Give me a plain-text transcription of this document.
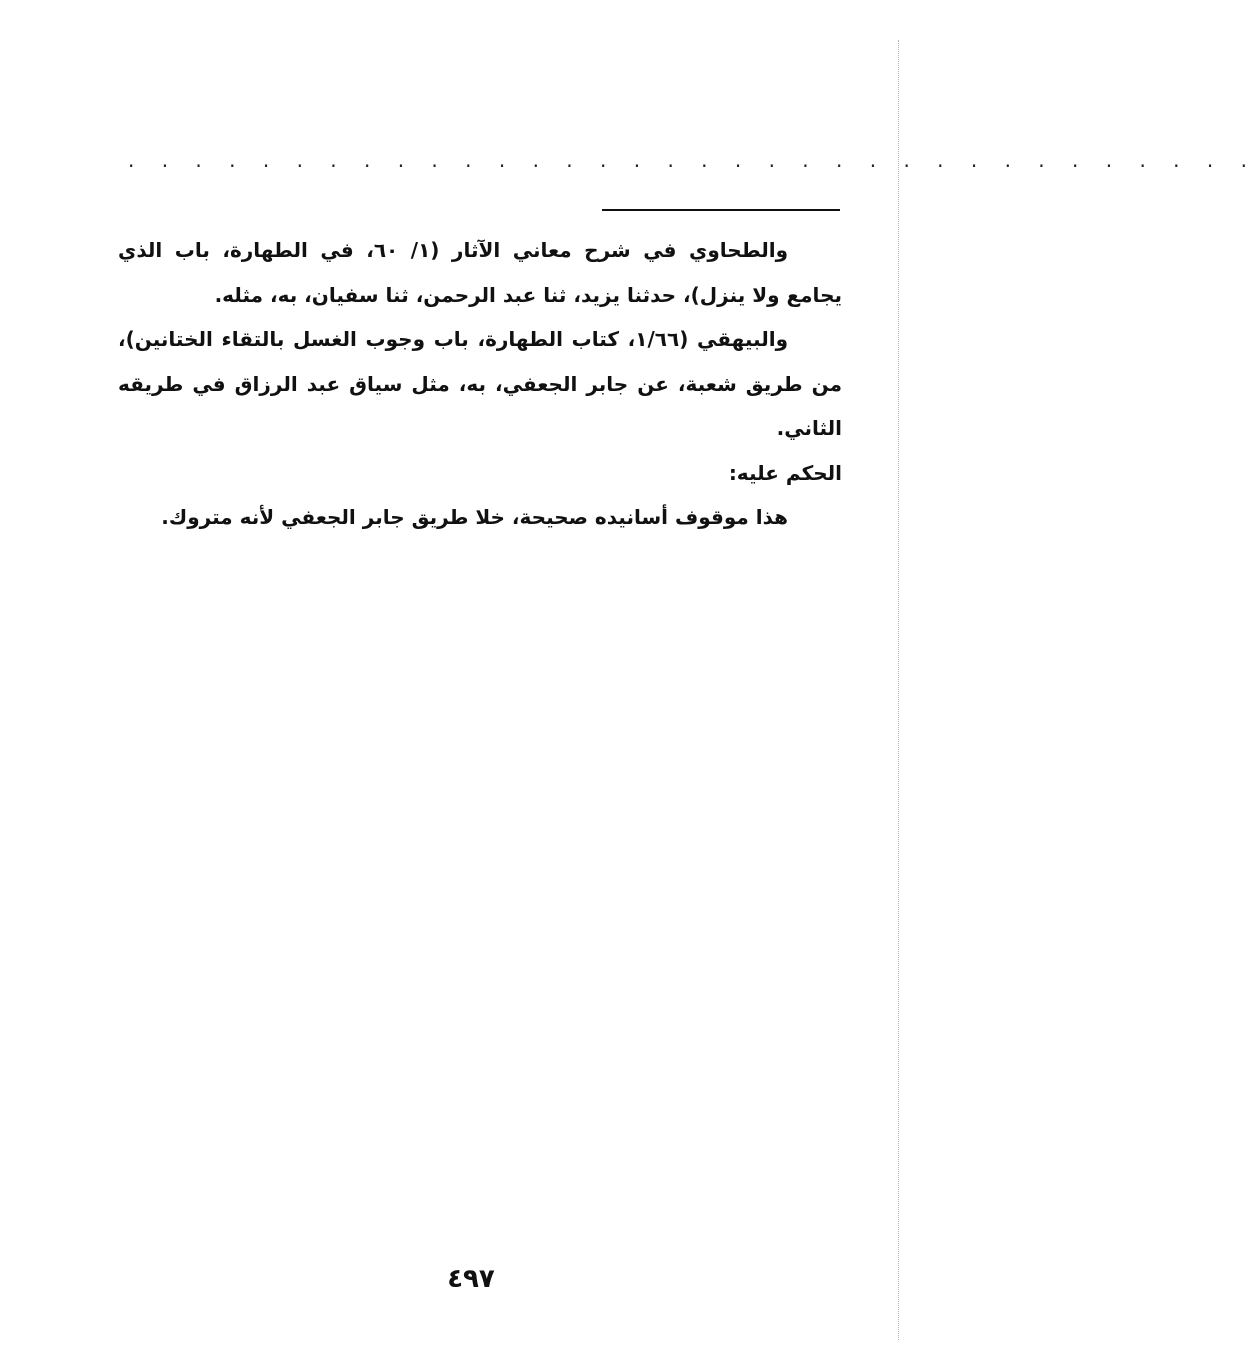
. . . . . . . . . . . . . . . . . . . . . . . . . . . . . . . . . .

والطحاوي في شرح معاني الآثار (١/ ٦٠، في الطهارة، باب الذي يجامع ولا ينزل)، حدثنا يزيد، ثنا عبد الرحمن، ثنا سفيان، به، مثله.

والبيهقي (١/٦٦، كتاب الطهارة، باب وجوب الغسل بالتقاء الختانين)، من طريق شعبة، عن جابر الجعفي، به، مثل سياق عبد الرزاق في طريقه الثاني.

الحكم عليه:

هذا موقوف أسانيده صحيحة، خلا طريق جابر الجعفي لأنه متروك.

٤٩٧
